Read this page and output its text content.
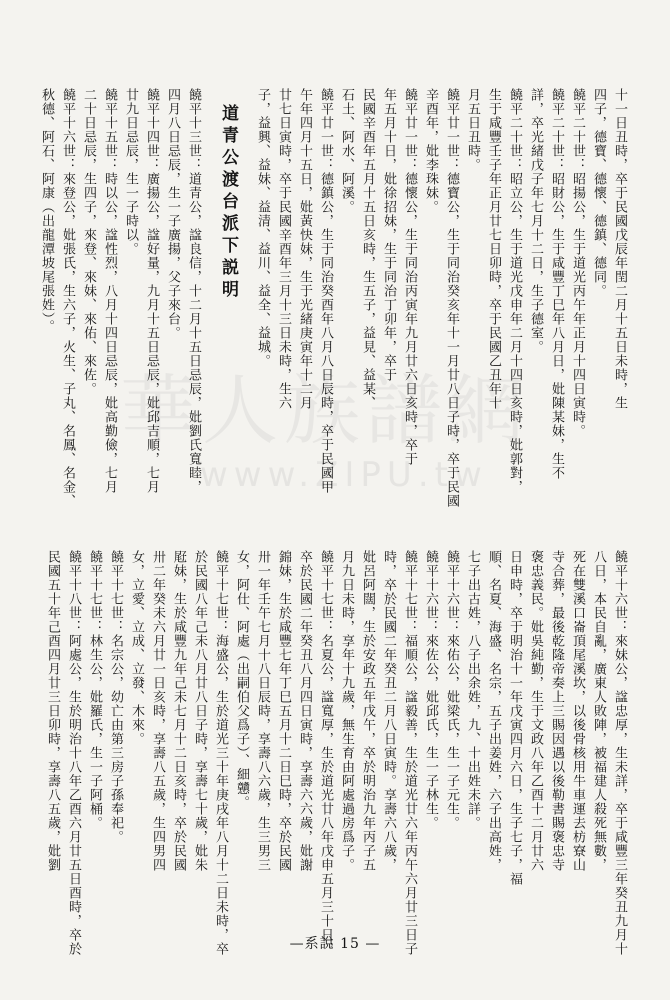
華人族譜網
www.ZIPU.tw
十一日丑時，卒于民國戊辰年閏二月十五日未時，生
四子，德寶、德懷、德鎮、德同。
饒平二十世：昭揚公，生于道光丙午年正月十四日寅時。
饒平二十世：昭財公，生于咸豐丁巳年八月日，妣陳某妹，生不
詳，卒光緒戊子年七月十二日，生子德室。
饒平二十世：昭立公，生于道光戊申年二月十四日亥時，妣郭對，
生于咸豐壬子年正月廿七日卯時，卒于民國乙丑年十
月五日丑時。
饒平廿一世：德寶公，生于同治癸亥年十一月廿八日子時，卒于民國
辛酉年，妣李珠妹。
饒平廿一世：德懷公，生于同治丙寅年九月廿六日亥時，卒于
年五月十日，妣徐招妹，生于同治丁卯年，卒于
民國辛酉年五月十五日亥時，生五子，益見、益某、
石土、阿水、阿溪。
饒平廿一世：德鎮公，生于同治癸酉年八月八日辰時，卒于民國甲
午年四月十五日，妣黃快妹，生于光緒庚寅年十二月
廿七日寅時，卒于民國辛酉年三月十三日未時，生六
子，益興、益妹、益清、益川、益全、益城。
道青公渡台派下説明
饒平十三世：道青公，諡良信，十二月十五日忌辰，妣劉氏寬睦，
四月八日忌辰，生一子廣揚，父子來台。
饒平十四世：廣揚公，諡好量，九月十五日忌辰，妣邱吉順，七月
廿九日忌辰，生一子時以。
饒平十五世：時以公，諡性烈，八月十四日忌辰，妣高勤儉，七月
二十日忌辰，生四子，來登、來妹、來佑、來佐。
饒平十六世：來登公，妣張氏，生六子，火生、子丸、名鳳、名金、
秋德、阿石、阿康（出龍潭坡尾張姓）。
饒平十六世：來妹公，諡忠厚，生未詳，卒于咸豐三年癸丑九月十
八日，本民自亂，廣東人敗陣，被福建人殺死無數，
死在雙溪口崙頂尾溪坎，以後骨核用牛車運去枋寮山
寺合葬，最後乾隆帝奏上三賜因遇以後勒書賜褒忠寺
褒忠義民。妣吳純勤，生于文政八年乙酉十二月廿六
日申時，卒于明治十一年戊寅四月六日，生子七子，福
順、名夏、海盛、名宗，五子出姜姓，六子出高姓，
七子出古姓，八子出余姓，九、十出姓未詳。
饒平十六世：來佑公，妣梁氏，生一子元生。
饒平十六世：來佐公，妣邱氏，生一子林生。
饒平十七世：福順公，諡毅善，生於道光廿六年丙午六月廿三日子
時，卒於民國二年癸丑二月八日寅時。享壽六八歲，
妣呂阿闊，生於安政五年戊午，卒於明治九年丙子五
月九日未時，享年十九歲，無生育由阿處過房爲子。
饒平十七世：名夏公，諡寬厚，生於道光廿八年戊申五月三十日，
卒於民國二年癸丑八月四日寅時，享壽六六歲，妣謝
錦妹，生於咸豐七年丁巳五月十二日巳時，卒於民國
卅一年壬午七月十八日辰時，享壽八六歲，生三男三
女，阿仕、阿處（出嗣伯父爲子）、細戇。
饒平十七世：海盛公，生於道光三十年庚戌年八月十二日未時，卒
於民國八年己未八月廿八日子時，享壽七十歲，妣朱
屘妹，生於咸豐九年己未七月十二日亥時，卒於民國
卅二年癸未六月廿一日亥時，享壽八五歲，生四男四
女，立愛、立成、立發、木來。
饒平十七世：名宗公，幼亡由第三房子孫奉祀。
饒平十七世：林生公，妣羅氏，生一子阿桶。
饒平十八世：阿處公，生於明治十八年乙酉六月廿五日酉時，卒於
民國五十年己酉四月廿三日卯時，享壽八五歲，妣劉
—系說 15 —
